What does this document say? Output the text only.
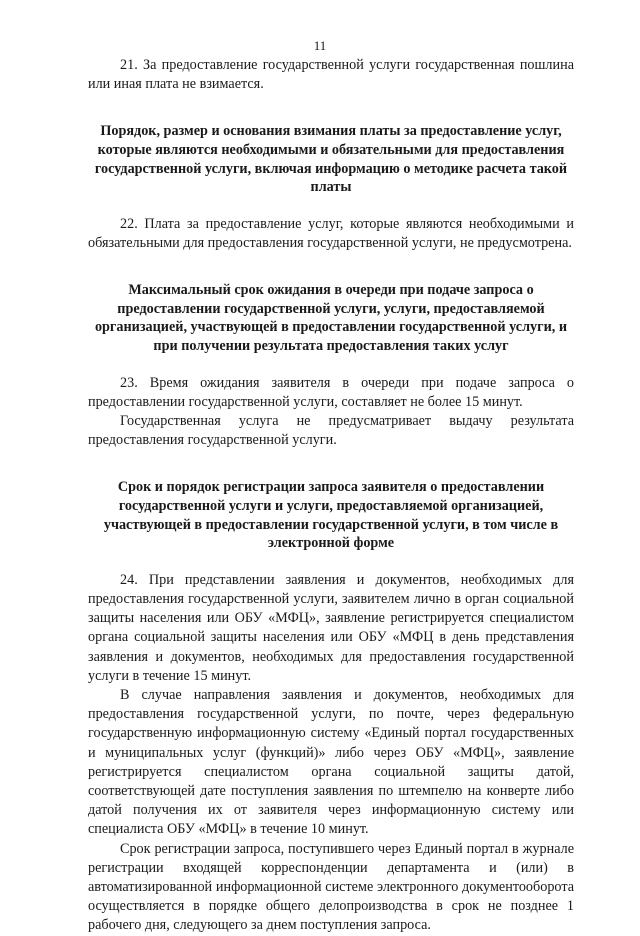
11

21. За предоставление государственной услуги государственная пошлина или иная плата не взимается.

Порядок, размер и основания взимания платы за предоставление услуг, которые являются необходимыми и обязательными для предоставления государственной услуги, включая информацию о методике расчета такой платы

22. Плата за предоставление услуг, которые являются необходимыми и обязательными для предоставления государственной услуги, не предусмотрена.

Максимальный срок ожидания в очереди при подаче запроса о предоставлении государственной услуги, услуги, предоставляемой организацией, участвующей в предоставлении государственной услуги, и при получении результата предоставления таких услуг

23. Время ожидания заявителя в очереди при подаче запроса о предоставлении государственной услуги, составляет не более 15 минут.

Государственная услуга не предусматривает выдачу результата предоставления государственной услуги.

Срок и порядок регистрации запроса заявителя о предоставлении государственной услуги и услуги, предоставляемой организацией, участвующей в предоставлении государственной услуги, в том числе в электронной форме

24. При представлении заявления и документов, необходимых для предоставления государственной услуги, заявителем лично в орган социальной защиты населения или ОБУ «МФЦ», заявление регистрируется специалистом органа социальной защиты населения или ОБУ «МФЦ в день представления заявления и документов, необходимых для предоставления государственной услуги в течение 15 минут.

В случае направления заявления и документов, необходимых для предоставления государственной услуги, по почте, через федеральную государственную информационную систему «Единый портал государственных и муниципальных услуг (функций)» либо через ОБУ «МФЦ», заявление регистрируется специалистом органа социальной защиты датой, соответствующей дате поступления заявления по штемпелю на конверте либо датой получения их от заявителя через информационную систему или специалиста ОБУ «МФЦ» в течение 10 минут.

Срок регистрации запроса, поступившего через Единый портал в журнале регистрации входящей корреспонденции департамента и (или) в автоматизированной информационной системе электронного документооборота осуществляется в порядке общего делопроизводства в срок не позднее 1 рабочего дня, следующего за днем поступления запроса.
